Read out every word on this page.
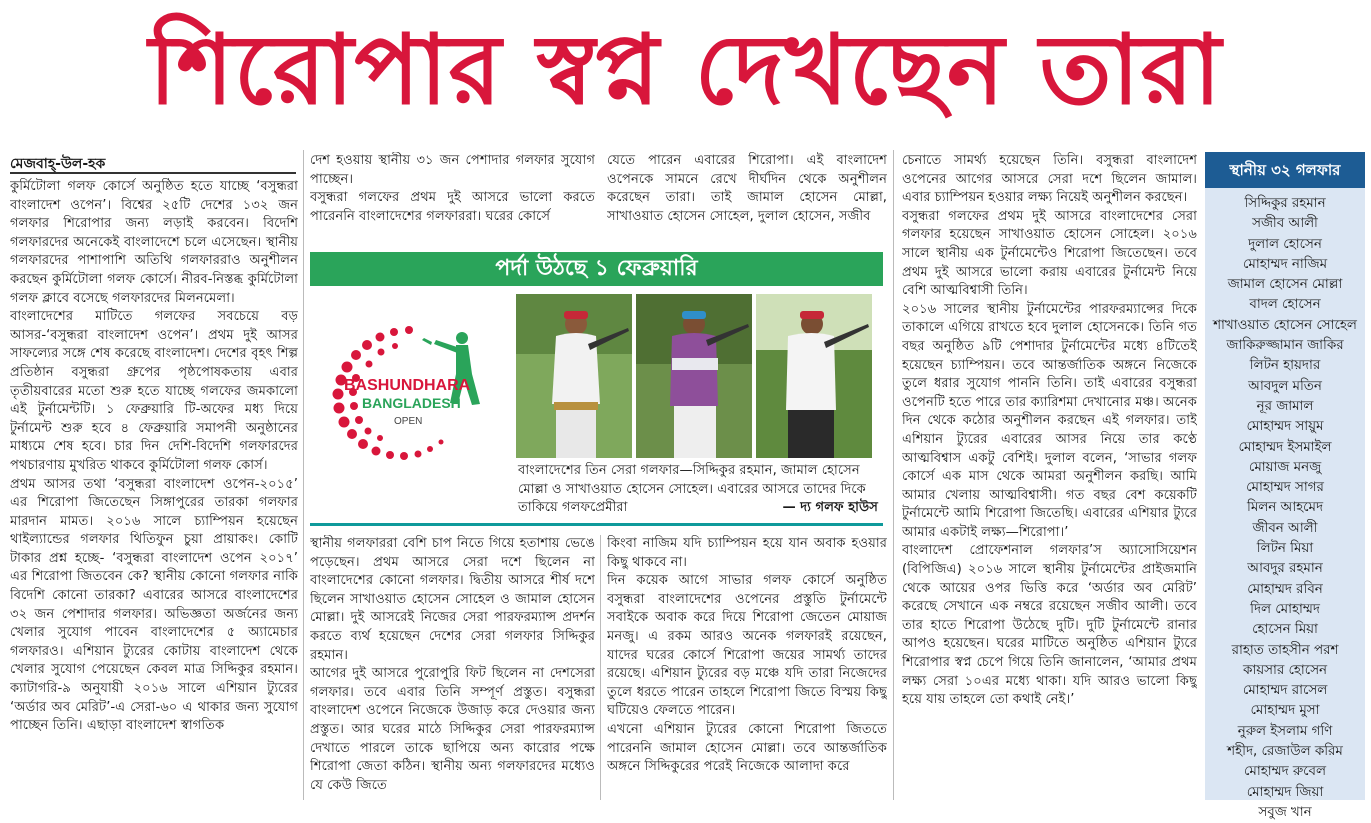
শিরোপার স্বপ্ন দেখছেন তারা
মেজবাহ্-উল-হক

কুর্মিটোলা গলফ কোর্সে অনুষ্ঠিত হতে যাচ্ছে ‘বসুন্ধরা বাংলাদেশ ওপেন’। বিশ্বের ২৫টি দেশের ১৩২ জন গলফার শিরোপার জন্য লড়াই করবেন। বিদেশি গলফারদের অনেকেই বাংলাদেশে চলে এসেছেন। স্থানীয় গলফারদের পাশাপাশি অতিথি গলফাররাও অনুশীলন করছেন কুর্মিটোলা গলফ কোর্সে। নীরব-নিস্তব্ধ কুর্মিটোলা গলফ ক্লাবে বসেছে গলফারদের মিলনমেলা।

বাংলাদেশের মাটিতে গলফের সবচেয়ে বড় আসর-‘বসুন্ধরা বাংলাদেশ ওপেন’। প্রথম দুই আসর সাফল্যের সঙ্গে শেষ করেছে বাংলাদেশ। দেশের বৃহৎ শিল্প প্রতিষ্ঠান বসুন্ধরা গ্রুপের পৃষ্ঠপোষকতায় এবার তৃতীয়বারের মতো শুরু হতে যাচ্ছে গলফের জমকালো এই টুর্নামেন্টটি। ১ ফেব্রুয়ারি টি-অফের মধ্য দিয়ে টুর্নামেন্ট শুরু হবে ৪ ফেব্রুয়ারি সমাপনী অনুষ্ঠানের মাধ্যমে শেষ হবে। চার দিন দেশি-বিদেশি গলফারদের পথচারণায় মুখরিত থাকবে কুর্মিটোলা গলফ কোর্স।

প্রথম আসর তথা ‘বসুন্ধরা বাংলাদেশ ওপেন-২০১৫’ এর শিরোপা জিতেছেন সিঙ্গাপুরের তারকা গলফার মারদান মামত। ২০১৬ সালে চ্যাম্পিয়ন হয়েছেন থাইল্যান্ডের গলফার থিতিফুন চুয়া প্রায়াকং। কোটি টাকার প্রশ্ন হচ্ছে- ‘বসুন্ধরা বাংলাদেশ ওপেন ২০১৭’ এর শিরোপা জিতবেন কে? স্থানীয় কোনো গলফার নাকি বিদেশি কোনো তারকা? এবারের আসরে বাংলাদেশের ৩২ জন পেশাদার গলফার। অভিজ্ঞতা অর্জনের জন্য খেলার সুযোগ পাবেন বাংলাদেশের ৫ অ্যামেচার গলফারও। এশিয়ান ট্যুরের কোটায় বাংলাদেশ থেকে খেলার সুযোগ পেয়েছেন কেবল মাত্র সিদ্দিকুর রহমান। ক্যাটাগরি-৯ অনুযায়ী ২০১৬ সালে এশিয়ান ট্যুরের ‘অর্ডার অব মেরিট’-এ সেরা-৬০ এ থাকার জন্য সুযোগ পাচ্ছেন তিনি। এছাড়া বাংলাদেশ স্বাগতিক

দেশ হওয়ায় স্থানীয় ৩১ জন পেশাদার গলফার সুযোগ পাচ্ছেন।

বসুন্ধরা গলফের প্রথম দুই আসরে ভালো করতে পারেননি বাংলাদেশের গলফাররা। ঘরের কোর্সে

যেতে পারেন এবারের শিরোপা। এই বাংলাদেশ ওপেনকে সামনে রেখে দীর্ঘদিন থেকে অনুশীলন করেছেন তারা। তাই জামাল হোসেন মোল্লা, সাখাওয়াত হোসেন সোহেল, দুলাল হোসেন, সজীব

পর্দা উঠছে ১ ফেব্রুয়ারি
BASHUNDHARA
BANGLADESH
OPEN
বাংলাদেশের তিন সেরা গলফার—সিদ্দিকুর রহমান, জামাল হোসেন মোল্লা ও সাখাওয়াত হোসেন সোহেল। এবারের আসরে তাদের দিকে তাকিয়ে গলফপ্রেমীরা	— দ্য গলফ হাউস

স্থানীয় গলফাররা বেশি চাপ নিতে গিয়ে হতাশায় ভেঙে পড়েছেন। প্রথম আসরে সেরা দশে ছিলেন না বাংলাদেশের কোনো গলফার। দ্বিতীয় আসরে শীর্ষ দশে ছিলেন সাখাওয়াত হোসেন সোহেল ও জামাল হোসেন মোল্লা। দুই আসরেই নিজের সেরা পারফরম্যান্স প্রদর্শন করতে ব্যর্থ হয়েছেন দেশের সেরা গলফার সিদ্দিকুর রহমান।

আগের দুই আসরে পুরোপুরি ফিট ছিলেন না দেশসেরা গলফার। তবে এবার তিনি সম্পূর্ণ প্রস্তুত। বসুন্ধরা বাংলাদেশ ওপেনে নিজেকে উজাড় করে দেওয়ার জন্য প্রস্তুত। আর ঘরের মাঠে সিদ্দিকুর সেরা পারফরম্যান্স দেখাতে পারলে তাকে ছাপিয়ে অন্য কারোর পক্ষে শিরোপা জেতা কঠিন। স্থানীয় অন্য গলফারদের মধ্যেও যে কেউ জিতে

কিংবা নাজিম যদি চ্যাম্পিয়ন হয়ে যান অবাক হওয়ার কিছু থাকবে না।

দিন কয়েক আগে সাভার গলফ কোর্সে অনুষ্ঠিত বসুন্ধরা বাংলাদেশের ওপেনের প্রস্তুতি টুর্নামেন্টে সবাইকে অবাক করে দিয়ে শিরোপা জেতেন মোয়াজ মনজু। এ রকম আরও অনেক গলফারই রয়েছেন, যাদের ঘরের কোর্সে শিরোপা জয়ের সামর্থ্য তাদের রয়েছে। এশিয়ান ট্যুরের বড় মঞ্চে যদি তারা নিজেদের তুলে ধরতে পারেন তাহলে শিরোপা জিতে বিস্ময় কিছু ঘটিয়েও ফেলতে পারেন।

এখনো এশিয়ান ট্যুরের কোনো শিরোপা জিততে পারেননি জামাল হোসেন মোল্লা। তবে আন্তর্জাতিক অঙ্গনে সিদ্দিকুরের পরেই নিজেকে আলাদা করে

চেনাতে সামর্থ্য হয়েছেন তিনি। বসুন্ধরা বাংলাদেশ ওপেনের আগের আসরে সেরা দশে ছিলেন জামাল। এবার চ্যাম্পিয়ন হওয়ার লক্ষ্য নিয়েই অনুশীলন করছেন।

বসুন্ধরা গলফের প্রথম দুই আসরে বাংলাদেশের সেরা গলফার হয়েছেন সাখাওয়াত হোসেন সোহেল। ২০১৬ সালে স্থানীয় এক টুর্নামেন্টেও শিরোপা জিতেছেন। তবে প্রথম দুই আসরে ভালো করায় এবারের টুর্নামেন্ট নিয়ে বেশি আত্মবিশ্বাসী তিনি।

২০১৬ সালের স্থানীয় টুর্নামেন্টের পারফরম্যান্সের দিকে তাকালে এগিয়ে রাখতে হবে দুলাল হোসেনকে। তিনি গত বছর অনুষ্ঠিত ৯টি পেশাদার টুর্নামেন্টের মধ্যে ৪টিতেই হয়েছেন চ্যাম্পিয়ন। তবে আন্তর্জাতিক অঙ্গনে নিজেকে তুলে ধরার সুযোগ পাননি তিনি। তাই এবারের বসুন্ধরা ওপেনটি হতে পারে তার ক্যারিশমা দেখানোর মঞ্চ। অনেক দিন থেকে কঠোর অনুশীলন করছেন এই গলফার। তাই এশিয়ান ট্যুরের এবারের আসর নিয়ে তার কণ্ঠে আত্মবিশ্বাস একটু বেশিই। দুলাল বলেন, ‘সাভার গলফ কোর্সে এক মাস থেকে আমরা অনুশীলন করছি। আমি আমার খেলায় আত্মবিশ্বাসী। গত বছর বেশ কয়েকটি টুর্নামেন্টে আমি শিরোপা জিতেছি। এবারের এশিয়ার ট্যুরে আমার একটাই লক্ষ্য—শিরোপা।’

বাংলাদেশ প্রোফেশনাল গলফার’স অ্যাসোসিয়েশন (বিপিজিএ) ২০১৬ সালে স্থানীয় টুর্নামেন্টের প্রাইজমানি থেকে আয়ের ওপর ভিত্তি করে ‘অর্ডার অব মেরিট’ করেছে সেখানে এক নম্বরে রয়েছেন সজীব আলী। তবে তার হাতে শিরোপা উঠেছে দুটি। দুটি টুর্নামেন্টে রানার আপও হয়েছেন। ঘরের মাটিতে অনুষ্ঠিত এশিয়ান ট্যুরে শিরোপার স্বপ্ন চেপে গিয়ে তিনি জানালেন, ‘আমার প্রথম লক্ষ্য সেরা ১০এর মধ্যে থাকা। যদি আরও ভালো কিছু হয়ে যায় তাহলে তো কথাই নেই।’

স্থানীয় ৩২ গলফার
সিদ্দিকুর রহমান
সজীব আলী
দুলাল হোসেন
মোহাম্মদ নাজিম
জামাল হোসেন মোল্লা
বাদল হোসেন
শাখাওয়াত হোসেন সোহেল
জাকিরুজ্জামান জাকির
লিটন হায়দার
আবদুল মতিন
নূর জামাল
মোহাম্মদ সায়ুম
মোহাম্মদ ইসমাইল
মোয়াজ মনজু
মোহাম্মদ সাগর
মিলন আহমেদ
জীবন আলী
লিটন মিয়া
আবদুর রহমান
মোহাম্মদ রবিন
দিল মোহাম্মদ
হোসেন মিয়া
রাহাত তাহসীন পরশ
কায়সার হোসেন
মোহাম্মদ রাসেল
মোহাম্মদ মুসা
নুরুল ইসলাম গণি
শহীদ, রেজাউল করিম
মোহাম্মদ রুবেল
মোহাম্মদ জিয়া
সবুজ খান
